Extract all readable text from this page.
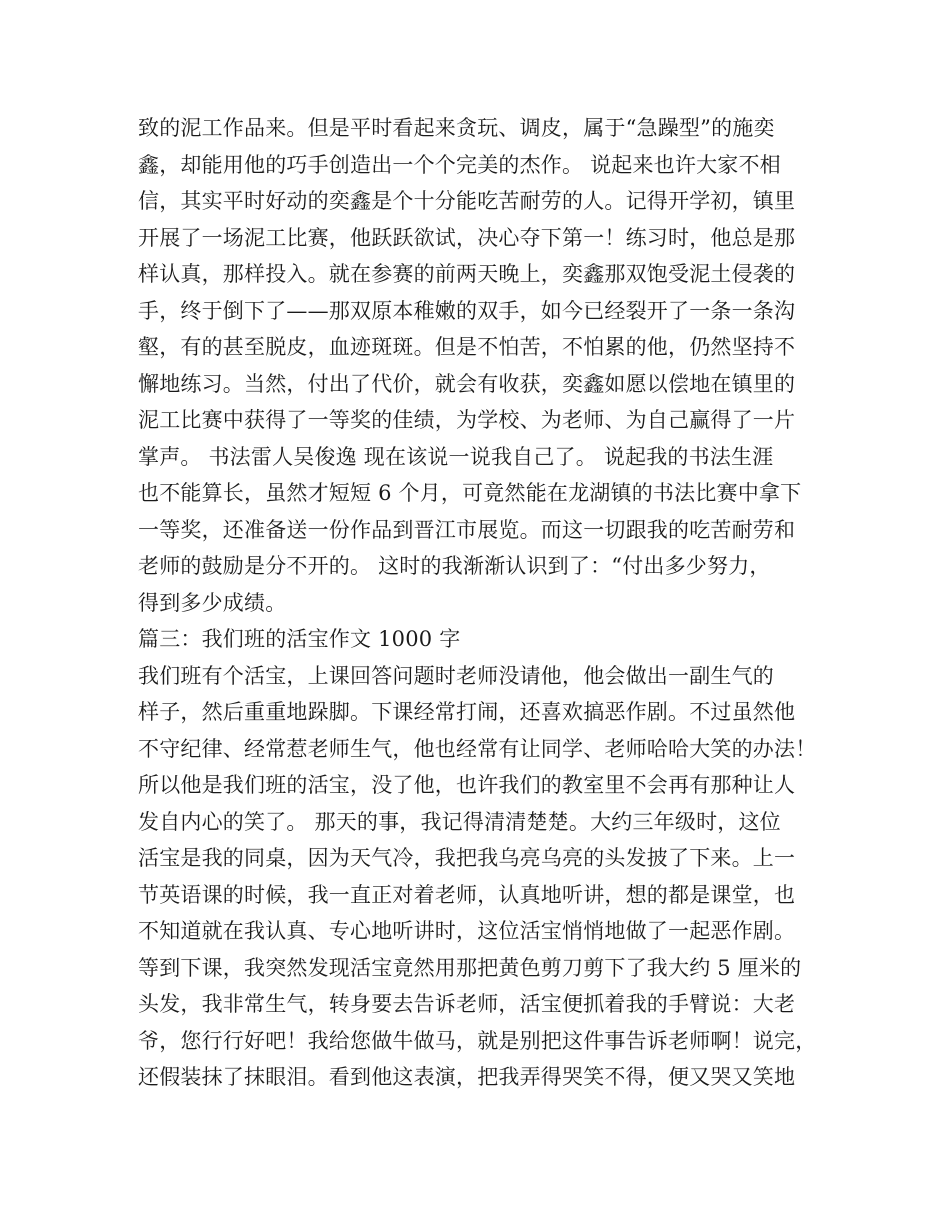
致的泥工作品来。但是平时看起来贪玩、调皮，属于“急躁型”的施奕
鑫，却能用他的巧手创造出一个个完美的杰作。 说起来也许大家不相
信，其实平时好动的奕鑫是个十分能吃苦耐劳的人。记得开学初，镇里
开展了一场泥工比赛，他跃跃欲试，决心夺下第一！练习时，他总是那
样认真，那样投入。就在参赛的前两天晚上，奕鑫那双饱受泥土侵袭的
手，终于倒下了——那双原本稚嫩的双手，如今已经裂开了一条一条沟
壑，有的甚至脱皮，血迹斑斑。但是不怕苦，不怕累的他，仍然坚持不
懈地练习。当然，付出了代价，就会有收获，奕鑫如愿以偿地在镇里的
泥工比赛中获得了一等奖的佳绩，为学校、为老师、为自己赢得了一片
掌声。 书法雷人吴俊逸 现在该说一说我自己了。 说起我的书法生涯
也不能算长，虽然才短短 6 个月，可竟然能在龙湖镇的书法比赛中拿下
一等奖，还准备送一份作品到晋江市展览。而这一切跟我的吃苦耐劳和
老师的鼓励是分不开的。 这时的我渐渐认识到了：“付出多少努力，
得到多少成绩。
篇三：我们班的活宝作文 1000 字
我们班有个活宝，上课回答问题时老师没请他，他会做出一副生气的
样子，然后重重地跺脚。下课经常打闹，还喜欢搞恶作剧。不过虽然他
不守纪律、经常惹老师生气，他也经常有让同学、老师哈哈大笑的办法！
所以他是我们班的活宝，没了他，也许我们的教室里不会再有那种让人
发自内心的笑了。 那天的事，我记得清清楚楚。大约三年级时，这位
活宝是我的同桌，因为天气冷，我把我乌亮乌亮的头发披了下来。上一
节英语课的时候，我一直正对着老师，认真地听讲，想的都是课堂，也
不知道就在我认真、专心地听讲时，这位活宝悄悄地做了一起恶作剧。
等到下课，我突然发现活宝竟然用那把黄色剪刀剪下了我大约 5 厘米的
头发，我非常生气，转身要去告诉老师，活宝便抓着我的手臂说：大老
爷，您行行好吧！我给您做牛做马，就是别把这件事告诉老师啊！说完，
还假装抹了抹眼泪。看到他这表演，把我弄得哭笑不得，便又哭又笑地
